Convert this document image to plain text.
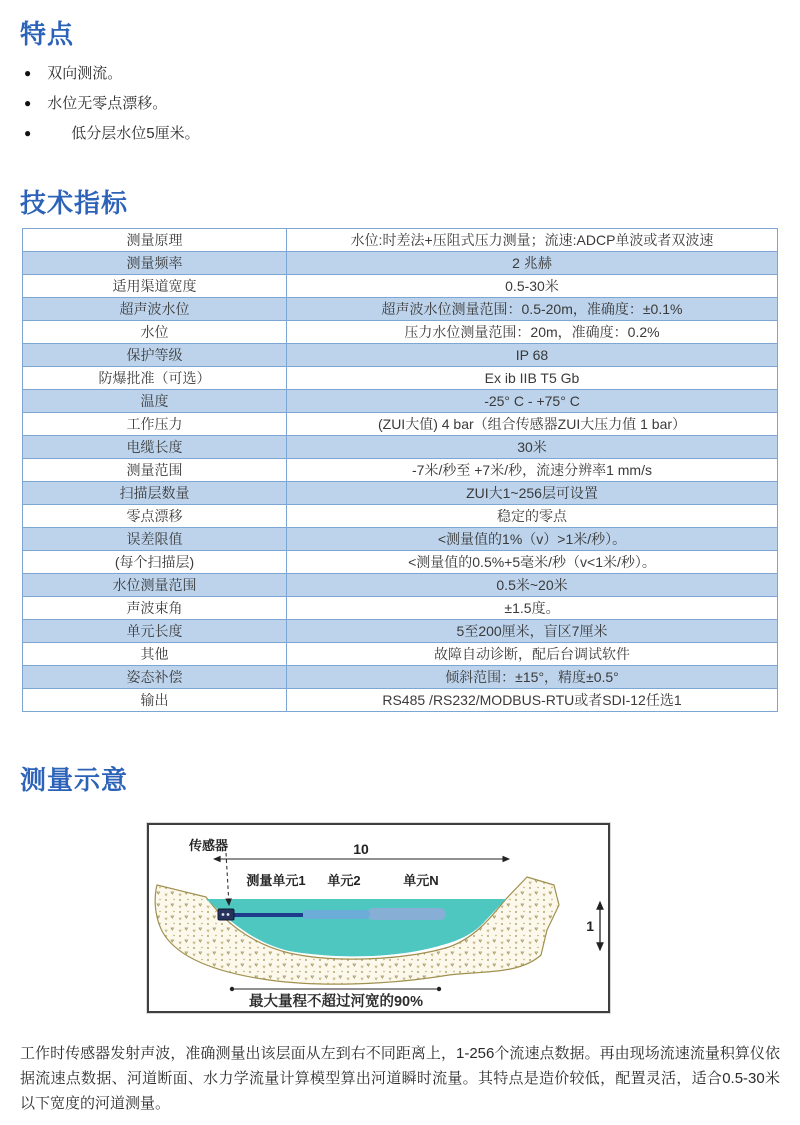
特点
● 双向测流。
● 水位无零点漂移。
●	低分层水位5厘米。
技术指标
测量原理	水位:时差法+压阻式压力测量；流速:ADCP单波或者双波速
测量频率	2 兆赫
适用渠道宽度	0.5-30米
超声波水位	超声波水位测量范围：0.5-20m，准确度：±0.1%
水位	压力水位测量范围：20m，准确度：0.2%
保护等级	IP 68
防爆批准（可选）	Ex ib IIB T5 Gb
温度	-25° C - +75° C
工作压力	(ZUI大值) 4 bar（组合传感器ZUI大压力值 1 bar）
电缆长度	30米
测量范围	-7米/秒至 +7米/秒，流速分辨率1 mm/s
扫描层数量	ZUI大1~256层可设置
零点漂移	稳定的零点
误差限值	<测量值的1%（v）>1米/秒）。
(每个扫描层)	<测量值的0.5%+5毫米/秒（v<1米/秒）。
水位测量范围	0.5米~20米
声波束角	±1.5度。
单元长度	5至200厘米，盲区7厘米
其他	故障自动诊断，配后台调试软件
姿态补偿	倾斜范围：±15°，精度±0.5°
输出	RS485 /RS232/MODBUS-RTU或者SDI-12任选1
测量示意
传感器	10
测量单元1 单元2	单元N
1
最大量程不超过河宽的90%

工作时传感器发射声波，准确测量出该层面从左到右不同距离上，1-256个流速点数据。再由现场流速流量积算仪依据流速点数据、河道断面、水力学流量计算模型算出河道瞬时流量。其特点是造价较低，配置灵活，适合0.5-30米以下宽度的河道测量。
